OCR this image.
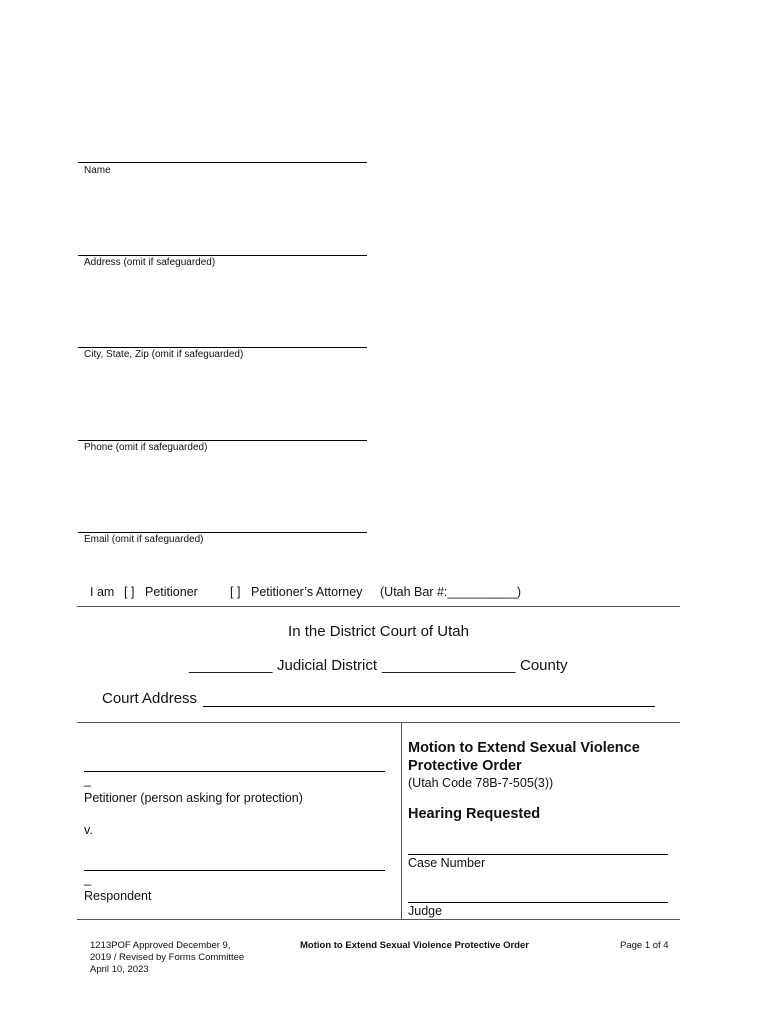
Name
Address (omit if safeguarded)
City, State, Zip (omit if safeguarded)
Phone (omit if safeguarded)
Email (omit if safeguarded)
I am [ ] Petitioner	[ ] Petitioner’s Attorney (Utah Bar #:__________)
In the District Court of Utah
__________ Judicial District ________________ County
Court Address
_
Petitioner (person asking for protection)
v.
_
Respondent
Motion to Extend Sexual Violence
Protective Order
(Utah Code 78B-7-505(3))
Hearing Requested
Case Number
Judge
1213POF Approved December 9,
2019 / Revised by Forms Committee
April 10, 2023
Motion to Extend Sexual Violence Protective Order	Page 1 of 4
